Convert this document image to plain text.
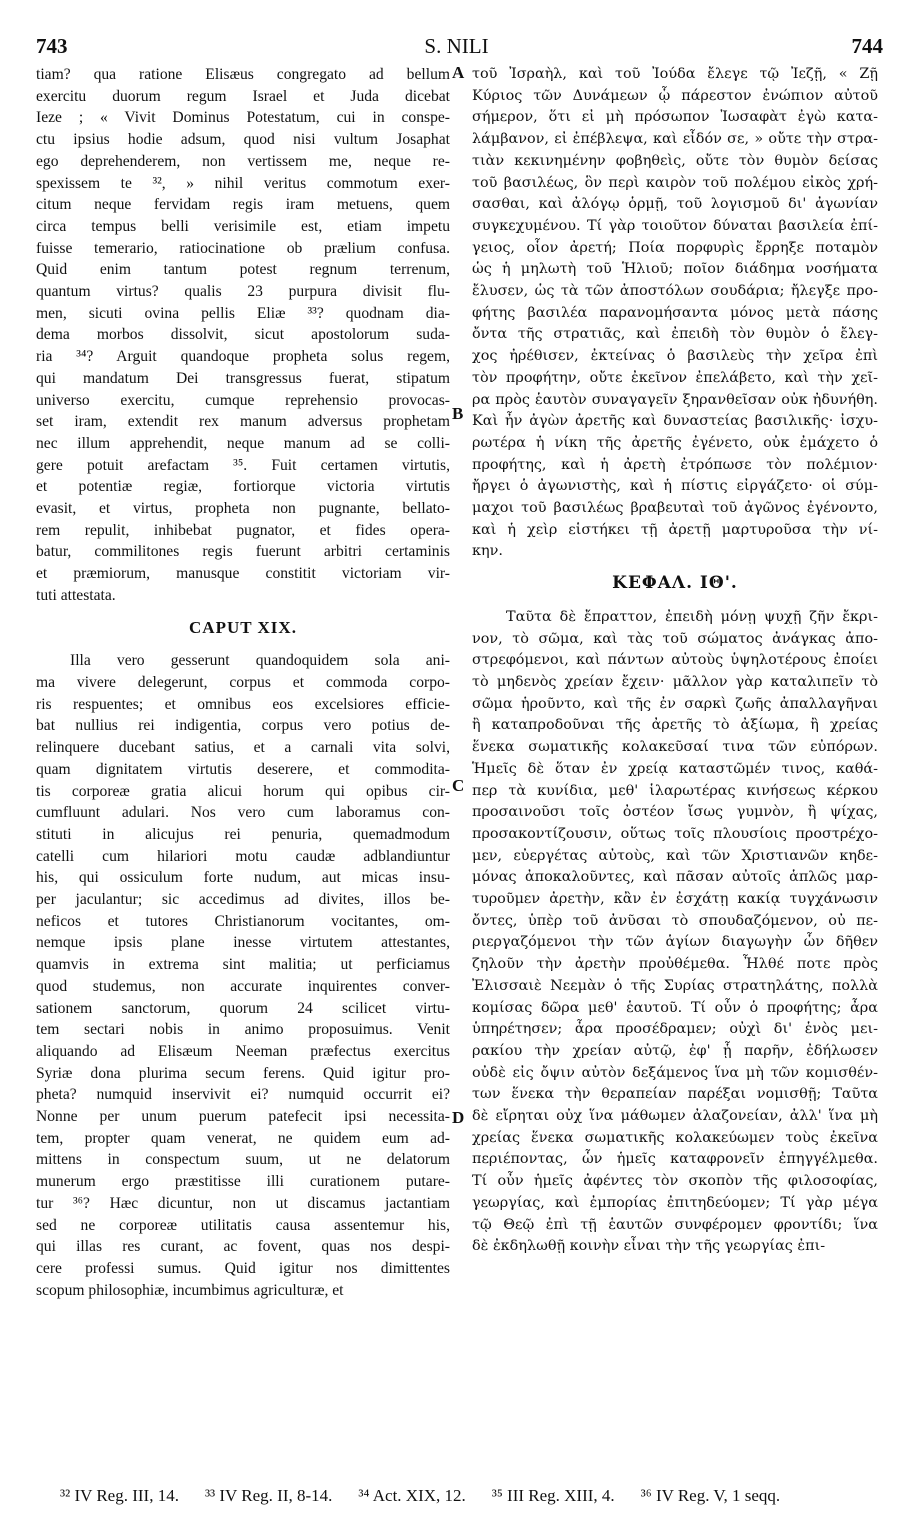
743	S. NILI	744
A
B
C
D
tiam? qua ratione Elisæus congregato ad bellum
exercitu duorum regum Israel et Juda dicebat
Ieze ; « Vivit Dominus Potestatum, cui in conspe-
ctu ipsius hodie adsum, quod nisi vultum Josaphat
ego deprehenderem, non vertissem me, neque re-
spexissem te ³², » nihil veritus commotum exer-
citum neque fervidam regis iram metuens, quem
circa tempus belli verisimile est, etiam impetu
fuisse temerario, ratiocinatione ob prælium confusa.
Quid enim tantum potest regnum terrenum,
quantum virtus? qualis 23 purpura divisit flu-
men, sicuti ovina pellis Eliæ ³³? quodnam dia-
dema morbos dissolvit, sicut apostolorum suda-
ria ³⁴? Arguit quandoque propheta solus regem,
qui mandatum Dei transgressus fuerat, stipatum
universo exercitu, cumque reprehensio provocas-
set iram, extendit rex manum adversus prophetam
nec illum apprehendit, neque manum ad se colli-
gere potuit arefactam ³⁵. Fuit certamen virtutis,
et potentiæ regiæ, fortiorque victoria virtutis
evasit, et virtus, propheta non pugnante, bellato-
rem repulit, inhibebat pugnator, et fides opera-
batur, commilitones regis fuerunt arbitri certaminis
et præmiorum, manusque constitit victoriam vir-
tuti attestata.
CAPUT XIX.
Illa vero gesserunt quandoquidem sola ani-
ma vivere delegerunt, corpus et commoda corpo-
ris respuentes; et omnibus eos excelsiores efficie-
bat nullius rei indigentia, corpus vero potius de-
relinquere ducebant satius, et a carnali vita solvi,
quam dignitatem virtutis deserere, et commodita-
tis corporeæ gratia alicui horum qui opibus cir-
cumfluunt adulari. Nos vero cum laboramus con-
stituti in alicujus rei penuria, quemadmodum
catelli cum hilariori motu caudæ adblandiuntur
his, qui ossiculum forte nudum, aut micas insu-
per jaculantur; sic accedimus ad divites, illos be-
neficos et tutores Christianorum vocitantes, om-
nemque ipsis plane inesse virtutem attestantes,
quamvis in extrema sint malitia; ut perficiamus
quod studemus, non accurate inquirentes conver-
sationem sanctorum, quorum 24 scilicet virtu-
tem sectari nobis in animo proposuimus. Venit
aliquando ad Elisæum Neeman præfectus exercitus
Syriæ dona plurima secum ferens. Quid igitur pro-
pheta? numquid inservivit ei? numquid occurrit ei?
Nonne per unum puerum patefecit ipsi necessita-
tem, propter quam venerat, ne quidem eum ad-
mittens in conspectum suum, ut ne delatorum
munerum ergo præstitisse illi curationem putare-
tur ³⁶? Hæc dicuntur, non ut discamus jactantiam
sed ne corporeæ utilitatis causa assentemur his,
qui illas res curant, ac fovent, quas nos despi-
cere professi sumus. Quid igitur nos dimittentes
scopum philosophiæ, incumbimus agriculturæ, et
τοῦ Ἰσραὴλ, καὶ τοῦ Ἰούδα ἔλεγε τῷ Ἰεζῇ, « Ζῇ
Κύριος τῶν Δυνάμεων ᾧ πάρεστον ἐνώπιον αὐτοῦ
σήμερον, ὅτι εἰ μὴ πρόσωπον Ἰωσαφὰτ ἐγὼ κατα-
λάμβανον, εἰ ἐπέβλεψα, καὶ εἶδόν σε, » οὔτε τὴν στρα-
τιὰν κεκινημένην φοβηθεὶς, οὔτε τὸν θυμὸν δείσας
τοῦ βασιλέως, ὃν περὶ καιρὸν τοῦ πολέμου εἰκὸς χρή-
σασθαι, καὶ ἀλόγῳ ὁρμῇ, τοῦ λογισμοῦ δι' ἀγωνίαν
συγκεχυμένου. Τί γὰρ τοιοῦτον δύναται βασιλεία ἐπί-
γειος, οἷον ἀρετή; Ποία πορφυρὶς ἔρρηξε ποταμὸν
ὡς ἡ μηλωτὴ τοῦ Ἡλιοῦ; ποῖον διάδημα νοσήματα
ἔλυσεν, ὡς τὰ τῶν ἀποστόλων σουδάρια; ἤλεγξε προ-
φήτης βασιλέα παρανομήσαντα μόνος μετὰ πάσης
ὄντα τῆς στρατιᾶς, καὶ ἐπειδὴ τὸν θυμὸν ὁ ἔλεγ-
χος ἠρέθισεν, ἐκτείνας ὁ βασιλεὺς τὴν χεῖρα ἐπὶ
τὸν προφήτην, οὔτε ἐκεῖνον ἐπελάβετο, καὶ τὴν χεῖ-
ρα πρὸς ἑαυτὸν συναγαγεῖν ξηρανθεῖσαν οὐκ ἠδυνήθη.
Καὶ ἦν ἀγὼν ἀρετῆς καὶ δυναστείας βασιλικῆς· ἰσχυ-
ρωτέρα ἡ νίκη τῆς ἀρετῆς ἐγένετο, οὐκ ἐμάχετο ὁ
προφήτης, καὶ ἡ ἀρετὴ ἐτρόπωσε τὸν πολέμιον·
ἤργει ὁ ἀγωνιστὴς, καὶ ἡ πίστις εἰργάζετο· οἱ σύμ-
μαχοι τοῦ βασιλέως βραβευταὶ τοῦ ἀγῶνος ἐγένοντο,
καὶ ἡ χεὶρ εἱστήκει τῇ ἀρετῇ μαρτυροῦσα τὴν νί-
κην.
ΚΕΦΑΛ. ΙΘ'.
Ταῦτα δὲ ἔπραττον, ἐπειδὴ μόνῃ ψυχῇ ζῆν ἔκρι-
νον, τὸ σῶμα, καὶ τὰς τοῦ σώματος ἀνάγκας ἀπο-
στρεφόμενοι, καὶ πάντων αὐτοὺς ὑψηλοτέρους ἐποίει
τὸ μηδενὸς χρείαν ἔχειν· μᾶλλον γὰρ καταλιπεῖν τὸ
σῶμα ἡροῦντο, καὶ τῆς ἐν σαρκὶ ζωῆς ἀπαλλαγῆναι
ἢ καταπροδοῦναι τῆς ἀρετῆς τὸ ἀξίωμα, ἢ χρείας
ἕνεκα σωματικῆς κολακεῦσαί τινα τῶν εὐπόρων.
Ἡμεῖς δὲ ὅταν ἐν χρείᾳ καταστῶμέν τινος, καθά-
περ τὰ κυνίδια, μεθ' ἱλαρωτέρας κινήσεως κέρκου
προσαινοῦσι τοῖς ὀστέον ἴσως γυμνὸν, ἢ ψίχας,
προσακοντίζουσιν, οὕτως τοῖς πλουσίοις προστρέχο-
μεν, εὐεργέτας αὐτοὺς, καὶ τῶν Χριστιανῶν κηδε-
μόνας ἀποκαλοῦντες, καὶ πᾶσαν αὐτοῖς ἁπλῶς μαρ-
τυροῦμεν ἀρετὴν, κἂν ἐν ἐσχάτῃ κακίᾳ τυγχάνωσιν
ὄντες, ὑπὲρ τοῦ ἀνῦσαι τὸ σπουδαζόμενον, οὐ πε-
ριεργαζόμενοι τὴν τῶν ἁγίων διαγωγὴν ὧν δῆθεν
ζηλοῦν τὴν ἀρετὴν προὐθέμεθα. Ἦλθέ ποτε πρὸς
Ἐλισσαιὲ Νεεμὰν ὁ τῆς Συρίας στρατηλάτης, πολλὰ
κομίσας δῶρα μεθ' ἑαυτοῦ. Τί οὖν ὁ προφήτης; ἆρα
ὑπηρέτησεν; ἆρα προσέδραμεν; οὐχὶ δι' ἑνὸς μει-
ρακίου τὴν χρείαν αὐτῷ, ἐφ' ᾗ παρῆν, ἐδήλωσεν
οὐδὲ εἰς ὄψιν αὐτὸν δεξάμενος ἵνα μὴ τῶν κομισθέν-
των ἕνεκα τὴν θεραπείαν παρέξαι νομισθῇ; Ταῦτα
δὲ εἴρηται οὐχ ἵνα μάθωμεν ἀλαζονείαν, ἀλλ' ἵνα μὴ
χρείας ἕνεκα σωματικῆς κολακεύωμεν τοὺς ἐκεῖνα
περιέποντας, ὧν ἡμεῖς καταφρονεῖν ἐπηγγέλμεθα.
Τί οὖν ἡμεῖς ἀφέντες τὸν σκοπὸν τῆς φιλοσοφίας,
γεωργίας, καὶ ἐμπορίας ἐπιτηδεύομεν; Τί γὰρ μέγα
τῷ Θεῷ ἐπὶ τῇ ἑαυτῶν συνφέρομεν φροντίδι; ἵνα
δὲ ἐκδηλωθῇ κοινὴν εἶναι τὴν τῆς γεωργίας ἐπι-
³² IV Reg. III, 14. ³³ IV Reg. II, 8-14. ³⁴ Act. XIX, 12. ³⁵ III Reg. XIII, 4. ³⁶ IV Reg. V, 1 seqq.
